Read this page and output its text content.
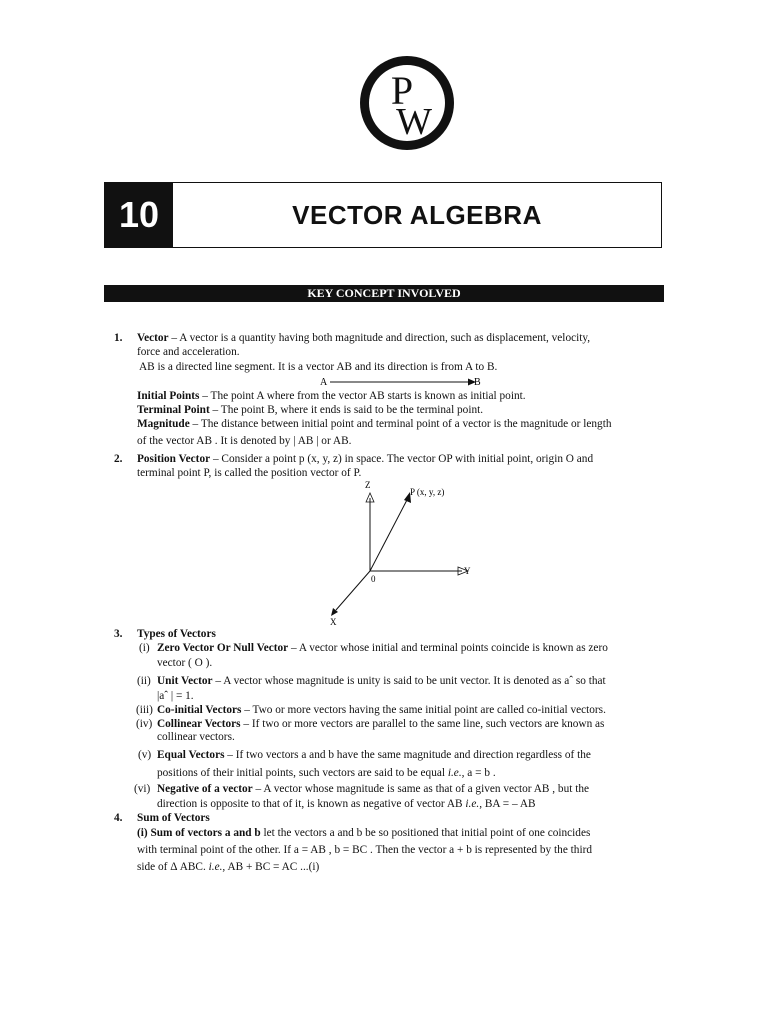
P
W
10	VECTOR ALGEBRA
KEY CONCEPT INVOLVED
1. Vector – A vector is a quantity having both magnitude and direction, such as displacement, velocity,
force and acceleration.
AB is a directed line segment. It is a vector AB and its direction is from A to B.
A	B
Initial Points – The point A where from the vector AB starts is known as initial point.
Terminal Point – The point B, where it ends is said to be the terminal point.
Magnitude – The distance between initial point and terminal point of a vector is the magnitude or length
of the vector AB . It is denoted by | AB | or AB.
2. Position Vector – Consider a point p (x, y, z) in space. The vector OP with initial point, origin O and
terminal point P, is called the position vector of P.
Z
Y
X
0
P (x, y, z)
3. Types of Vectors
(i) Zero Vector Or Null Vector – A vector whose initial and terminal points coincide is known as zero
vector ( O ).
(ii) Unit Vector – A vector whose magnitude is unity is said to be unit vector. It is denoted as aˆ so that
|aˆ | = 1.
(iii) Co-initial Vectors – Two or more vectors having the same initial point are called co-initial vectors.
(iv) Collinear Vectors – If two or more vectors are parallel to the same line, such vectors are known as
collinear vectors.
(v) Equal Vectors – If two vectors a and b have the same magnitude and direction regardless of the
positions of their initial points, such vectors are said to be equal i.e., a = b .
(vi) Negative of a vector – A vector whose magnitude is same as that of a given vector AB , but the
direction is opposite to that of it, is known as negative of vector AB i.e., BA = – AB
4. Sum of Vectors
(i) Sum of vectors a and b let the vectors a and b be so positioned that initial point of one coincides
with terminal point of the other. If a = AB , b = BC . Then the vector a + b is represented by the third
side of Δ ABC. i.e., AB + BC = AC ...(i)
